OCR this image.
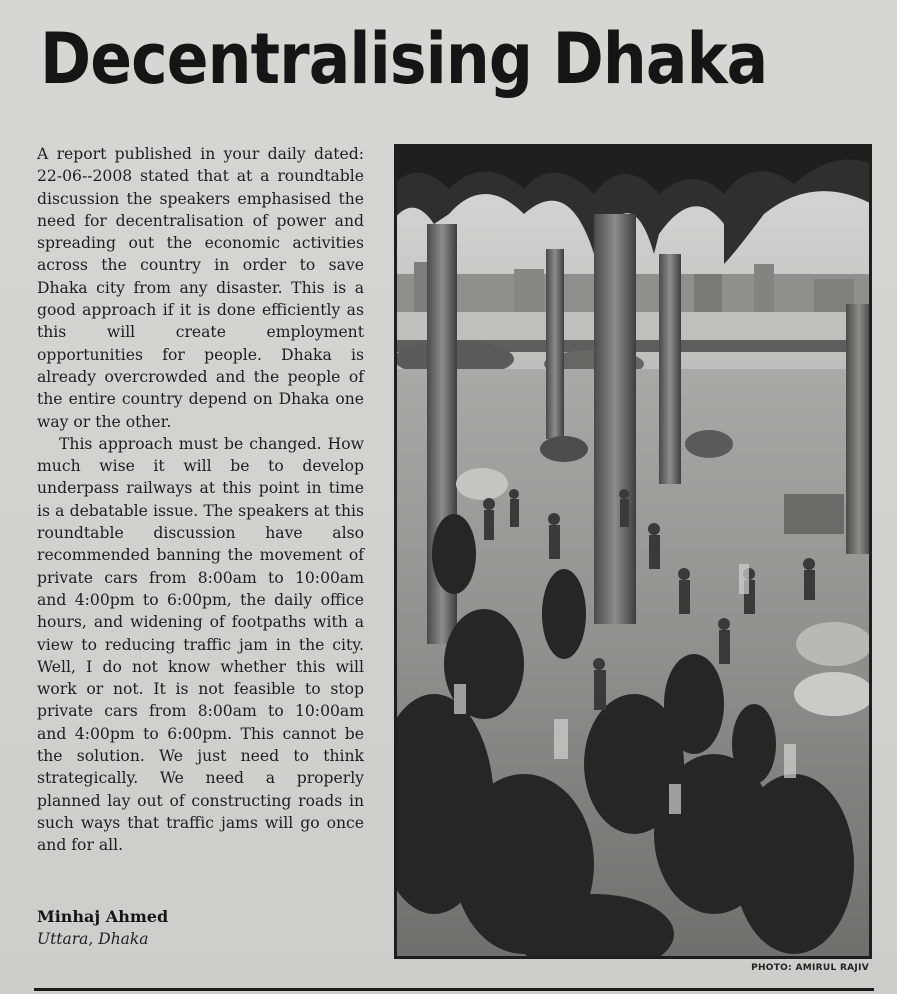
Decentralising Dhaka

A report published in your daily dated: 22-06--2008 stated that at a roundtable discussion the speakers emphasised the need for decentralisation of power and spreading out the economic activities across the country in order to save Dhaka city from any disaster. This is a good approach if it is done efficiently as this will create employment opportunities for people. Dhaka is already overcrowded and the people of the entire country depend on Dhaka one way or the other.

This approach must be changed. How much wise it will be to develop underpass railways at this point in time is a debatable issue. The speakers at this roundtable discussion have also recommended banning the movement of private cars from 8:00am to 10:00am and 4:00pm to 6:00pm, the daily office hours, and widening of footpaths with a view to reducing traffic jam in the city. Well, I do not know whether this will work or not. It is not feasible to stop private cars from 8:00am to 10:00am and 4:00pm to 6:00pm. This cannot be the solution. We just need to think strategically. We need a properly planned lay out of constructing roads in such ways that traffic jams will go once and for all.

Minhaj Ahmed
Uttara, Dhaka
PHOTO: AMIRUL RAJIV
